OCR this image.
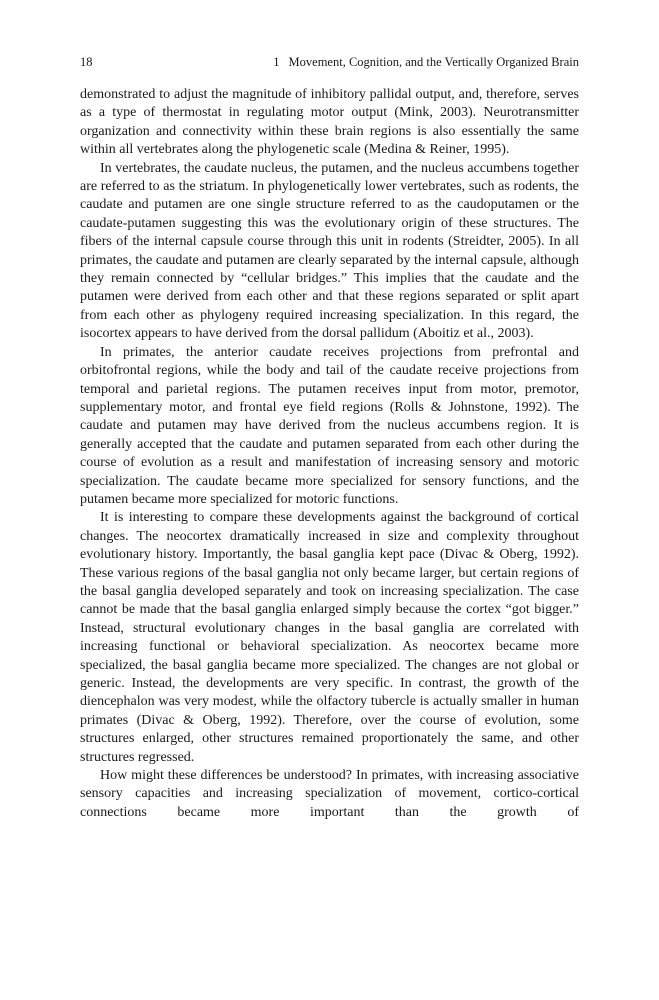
18	1 Movement, Cognition, and the Vertically Organized Brain

demonstrated to adjust the magnitude of inhibitory pallidal output, and, therefore, serves as a type of thermostat in regulating motor output (Mink, 2003). Neurotransmitter organization and connectivity within these brain regions is also essentially the same within all vertebrates along the phylogenetic scale (Medina & Reiner, 1995).

In vertebrates, the caudate nucleus, the putamen, and the nucleus accumbens together are referred to as the striatum. In phylogenetically lower vertebrates, such as rodents, the caudate and putamen are one single structure referred to as the caudoputamen or the caudate-putamen suggesting this was the evolutionary origin of these structures. The fibers of the internal capsule course through this unit in rodents (Streidter, 2005). In all primates, the caudate and putamen are clearly separated by the internal capsule, although they remain connected by “cellular bridges.” This implies that the caudate and the putamen were derived from each other and that these regions separated or split apart from each other as phylogeny required increasing specialization. In this regard, the isocortex appears to have derived from the dorsal pallidum (Aboitiz et al., 2003).

In primates, the anterior caudate receives projections from prefrontal and orbitofrontal regions, while the body and tail of the caudate receive projections from temporal and parietal regions. The putamen receives input from motor, premotor, supplementary motor, and frontal eye field regions (Rolls & Johnstone, 1992). The caudate and putamen may have derived from the nucleus accumbens region. It is generally accepted that the caudate and putamen separated from each other during the course of evolution as a result and manifestation of increasing sensory and motoric specialization. The caudate became more specialized for sensory functions, and the putamen became more specialized for motoric functions.

It is interesting to compare these developments against the background of cortical changes. The neocortex dramatically increased in size and complexity throughout evolutionary history. Importantly, the basal ganglia kept pace (Divac & Oberg, 1992). These various regions of the basal ganglia not only became larger, but certain regions of the basal ganglia developed separately and took on increasing specialization. The case cannot be made that the basal ganglia enlarged simply because the cortex “got bigger.” Instead, structural evolutionary changes in the basal ganglia are correlated with increasing functional or behavioral specialization. As neocortex became more specialized, the basal ganglia became more specialized. The changes are not global or generic. Instead, the developments are very specific. In contrast, the growth of the diencephalon was very modest, while the olfactory tubercle is actually smaller in human primates (Divac & Oberg, 1992). Therefore, over the course of evolution, some structures enlarged, other structures remained proportionately the same, and other structures regressed.

How might these differences be understood? In primates, with increasing associative sensory capacities and increasing specialization of movement, cortico-cortical connections became more important than the growth of
